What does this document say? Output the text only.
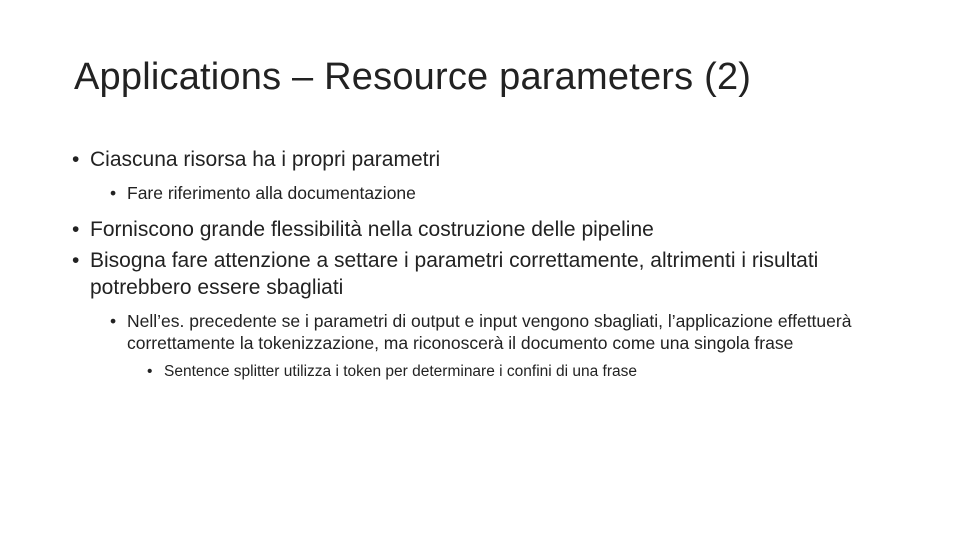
Applications – Resource parameters (2)

• Ciascuna risorsa ha i propri parametri

• Fare riferimento alla documentazione

• Forniscono grande flessibilità nella costruzione delle pipeline

• Bisogna fare attenzione a settare i parametri correttamente, altrimenti i risultati potrebbero essere sbagliati

• Nell’es. precedente se i parametri di output e input vengono sbagliati, l’applicazione effettuerà correttamente la tokenizzazione, ma riconoscerà il documento come una singola frase

• Sentence splitter utilizza i token per determinare i confini di una frase
